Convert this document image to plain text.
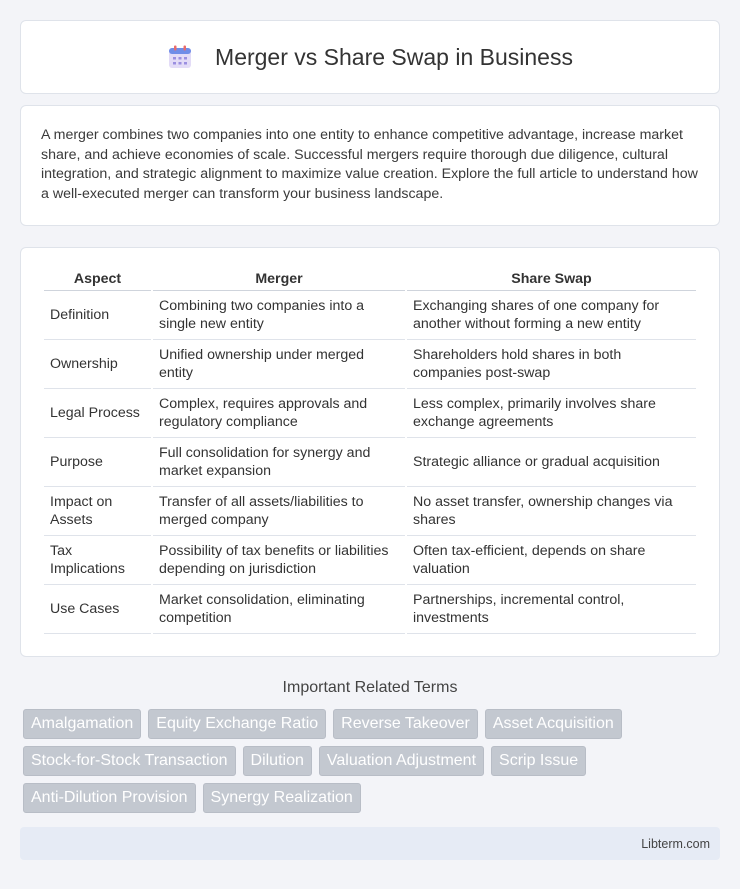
Merger vs Share Swap in Business
A merger combines two companies into one entity to enhance competitive advantage, increase market share, and achieve economies of scale. Successful mergers require thorough due diligence, cultural integration, and strategic alignment to maximize value creation. Explore the full article to understand how a well-executed merger can transform your business landscape.
Aspect	Merger	Share Swap
Definition	Combining two companies into a single new entity	Exchanging shares of one company for another without forming a new entity
Ownership	Unified ownership under merged entity	Shareholders hold shares in both companies post-swap
Legal Process	Complex, requires approvals and regulatory compliance	Less complex, primarily involves share exchange agreements
Purpose	Full consolidation for synergy and market expansion	Strategic alliance or gradual acquisition
Impact on Assets	Transfer of all assets/liabilities to merged company	No asset transfer, ownership changes via shares
Tax Implications	Possibility of tax benefits or liabilities depending on jurisdiction	Often tax-efficient, depends on share valuation
Use Cases	Market consolidation, eliminating competition	Partnerships, incremental control, investments
Important Related Terms
Amalgamation	Equity Exchange Ratio	Reverse Takeover	Asset Acquisition
Stock-for-Stock Transaction	Dilution	Valuation Adjustment	Scrip Issue
Anti-Dilution Provision	Synergy Realization
Libterm.com
